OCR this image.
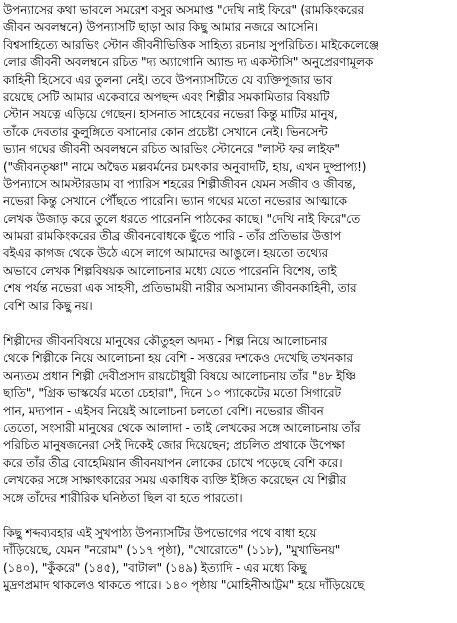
উপন্যাসের কথা ভাবলে সমরেশ বসুর অসমাপ্ত "দেখি নাই ফিরে" (রামকিংকরের
জীবন অবলম্বনে) উপন্যাসটি ছাড়া আর কিছু আমার নজরে আসেনি।
বিশ্বসাহিত্যে আরভিং স্টোন জীবনীভিত্তিক সাহিত্য রচনায় সুপরিচিত। মাইকেলেঞ্জে
লোর জীবনী অবলম্বনে রচিত "দ্য অ্যাগোনি অ্যান্ড দ্য একস্টাসি" অনুপ্রেরণামূলক
কাহিনী হিসেবে এর তুলনা নেই। তবে উপন্যাসটিতে যে ব্যক্তিপূজার ভাব
রয়েছে সেটি আমার একেবারে অপছন্দ এবং শিল্পীর সমকামিতার বিষয়টি
স্টোন সযত্নে এড়িয়ে গেছেন। হাসনাত সাহেবের নভেরা কিন্তু মাটির মানুষ,
তাঁকে দেবতার কুলুঙ্গিতে বসানোর কোন প্রচেষ্টা সেখানে নেই। ভিনসেন্ট
ভ্যান গঘের জীবনী অবলম্বনে রচিত আরভিং স্টোনেরে "লাস্ট ফর লাইফ"
("জীবনতৃষ্ণা" নামে অদ্বৈত মল্লবর্মনের চমৎকার অনুবাদটি, হায়, এখন দুষ্প্রাপ্য!)
উপন্যাসে আমস্টারডাম বা প্যারিস শহরের শিল্পীজীবন যেমন সজীব ও জীবন্ত,
নভেরা কিন্তু সেখানে পৌঁছতে পারেনি। ভ্যান গঘের মতো নভেরার আত্মাকে
লেখক উজাড় করে তুলে ধরতে পারেননি পাঠকের কাছে। "দেখি নাই ফিরে"তে
আমরা রামকিংকরের তীব্র জীবনবোধকে ছুঁতে পারি - তাঁর প্রতিভার উত্তাপ
বইএর কাগজ থেকে উঠে এসে লাগে আমাদের আঙুলে। হয়তো তথ্যের
অভাবে লেখক শিল্পবিষয়ক আলোচনার মধ্যে যেতে পারেননি বিশেষ, তাই
শেষ পর্যন্ত নভেরা এক সাহসী, প্রতিভাময়ী নারীর অসামান্য জীবনকাহিনী, তার
বেশি আর কিছু নয়।
শিল্পীদের জীবনবিষয়ে মানুষের কৌতুহল অদম্য - শিল্প নিয়ে আলোচনার
থেকে শিল্পীকে নিয়ে আলোচনা হয় বেশি - সত্তরের দশকেও দেখেছি তখনকার
অন্যতম প্রধান শিল্পী দেবীপ্রসাদ রায়চৌধুরী বিষয়ে আলোচনায় তাঁর "৪৮ ইঞ্চি
ছাতি", "গ্রিক ভাস্কর্যের মতো চেহারা", দিনে ১০ প্যাকেটের মতো সিগারেট
পান, মদ্যপান - এইসব নিয়েই আলোচনা চলতো বেশি। নভেরার জীবন
তেতো, সংসারী মানুষের থেকে আলাদা - তাই লেখকের সঙ্গে আলোচনায় তাঁর
পরিচিত মানুষজনেরা সেই দিকেই জোর দিয়েছেন; প্রচলিত প্রথাকে উপেক্ষা
করে তাঁর তীব্র বোহেমিয়ান জীবনযাপন লোকের চোখে পড়েছে বেশি করে।
লেখকের সঙ্গে সাক্ষাৎকারের সময় একাধিক ব্যক্তি ইঙ্গিত করেছেন যে শিল্পীর
সঙ্গে তাঁদের শারীরিক ঘনিষ্ঠতা ছিল বা হতে পারতো।
কিছু শব্দব্যবহার এই সুখপাঠ্য উপন্যাসটির উপভোগের পথে বাধা হয়ে
দাঁড়িয়েছে, যেমন "নরোম" (১১৭ পৃষ্ঠা), "খোরোতে" (১১৮), "মুখাভিনয়"
(১৪০), "কুঁকরে" (১৪৫), "বাটাল" (১৪৯) ইত্যাদি - এর মধ্যে কিছু
মুদ্রণপ্রমাদ থাকলেও থাকতে পারে। ১৪০ পৃষ্ঠায় "মোহিনীআট্টম" হয়ে দাঁড়িয়েছে
